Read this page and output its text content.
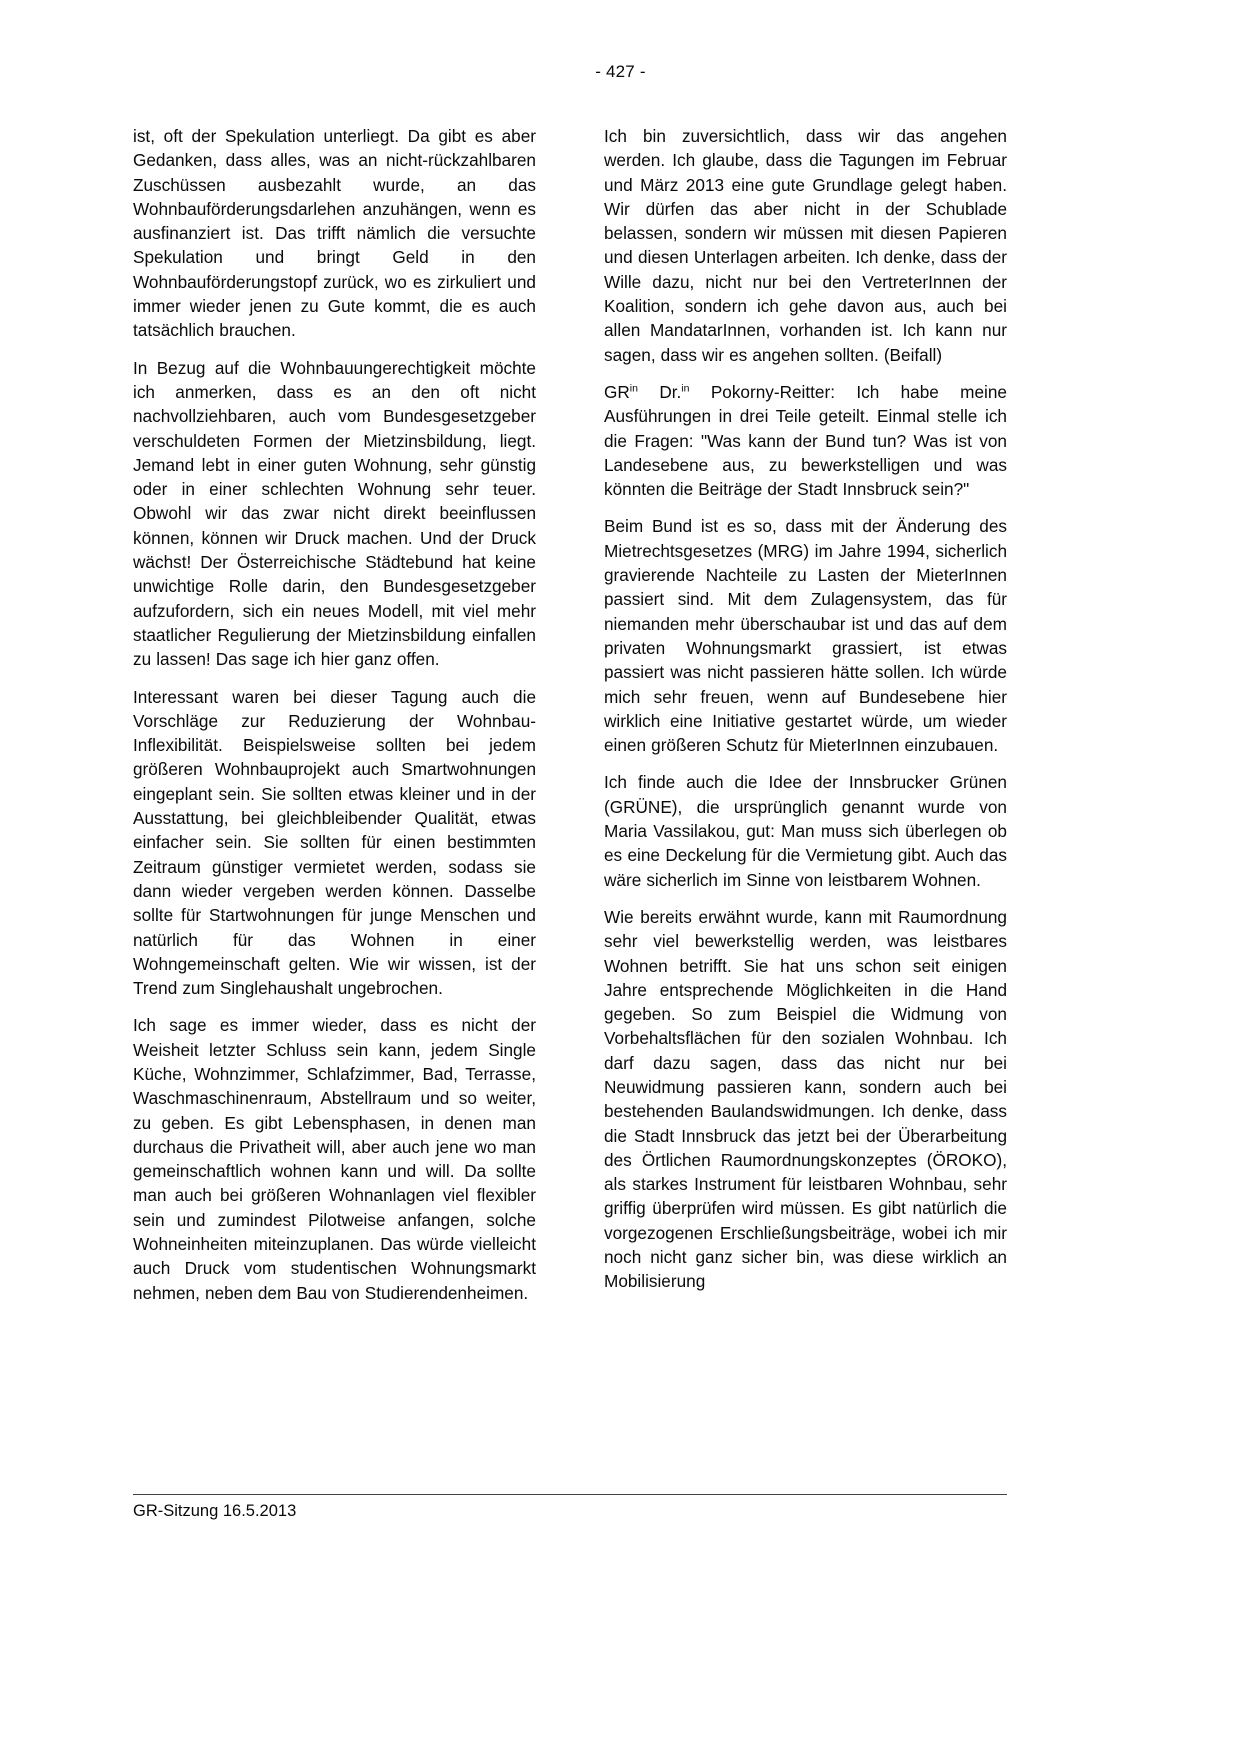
- 427 -

ist, oft der Spekulation unterliegt. Da gibt es aber Gedanken, dass alles, was an nicht-rückzahlbaren Zuschüssen ausbezahlt wurde, an das Wohnbauförderungsdarlehen anzuhängen, wenn es ausfinanziert ist. Das trifft nämlich die versuchte Spekulation und bringt Geld in den Wohnbauförderungstopf zurück, wo es zirkuliert und immer wieder jenen zu Gute kommt, die es auch tatsächlich brauchen.

In Bezug auf die Wohnbauungerechtigkeit möchte ich anmerken, dass es an den oft nicht nachvollziehbaren, auch vom Bundesgesetzgeber verschuldeten Formen der Mietzinsbildung, liegt. Jemand lebt in einer guten Wohnung, sehr günstig oder in einer schlechten Wohnung sehr teuer. Obwohl wir das zwar nicht direkt beeinflussen können, können wir Druck machen. Und der Druck wächst! Der Österreichische Städtebund hat keine unwichtige Rolle darin, den Bundesgesetzgeber aufzufordern, sich ein neues Modell, mit viel mehr staatlicher Regulierung der Mietzinsbildung einfallen zu lassen! Das sage ich hier ganz offen.

Interessant waren bei dieser Tagung auch die Vorschläge zur Reduzierung der Wohnbau-Inflexibilität. Beispielsweise sollten bei jedem größeren Wohnbauprojekt auch Smartwohnungen eingeplant sein. Sie sollten etwas kleiner und in der Ausstattung, bei gleichbleibender Qualität, etwas einfacher sein. Sie sollten für einen bestimmten Zeitraum günstiger vermietet werden, sodass sie dann wieder vergeben werden können. Dasselbe sollte für Startwohnungen für junge Menschen und natürlich für das Wohnen in einer Wohngemeinschaft gelten. Wie wir wissen, ist der Trend zum Singlehaushalt ungebrochen.

Ich sage es immer wieder, dass es nicht der Weisheit letzter Schluss sein kann, jedem Single Küche, Wohnzimmer, Schlafzimmer, Bad, Terrasse, Waschmaschinenraum, Abstellraum und so weiter, zu geben. Es gibt Lebensphasen, in denen man durchaus die Privatheit will, aber auch jene wo man gemeinschaftlich wohnen kann und will. Da sollte man auch bei größeren Wohnanlagen viel flexibler sein und zumindest Pilotweise anfangen, solche Wohneinheiten miteinzuplanen. Das würde vielleicht auch Druck vom studentischen Wohnungsmarkt nehmen, neben dem Bau von Studierendenheimen.

Ich bin zuversichtlich, dass wir das angehen werden. Ich glaube, dass die Tagungen im Februar und März 2013 eine gute Grundlage gelegt haben. Wir dürfen das aber nicht in der Schublade belassen, sondern wir müssen mit diesen Papieren und diesen Unterlagen arbeiten. Ich denke, dass der Wille dazu, nicht nur bei den VertreterInnen der Koalition, sondern ich gehe davon aus, auch bei allen MandatarInnen, vorhanden ist. Ich kann nur sagen, dass wir es angehen sollten. (Beifall)

$GR^{in}$ Dr.$^{in}$ Pokorny-Reitter: Ich habe meine Ausführungen in drei Teile geteilt. Einmal stelle ich die Fragen: "Was kann der Bund tun? Was ist von Landesebene aus, zu bewerkstelligen und was könnten die Beiträge der Stadt Innsbruck sein?"

Beim Bund ist es so, dass mit der Änderung des Mietrechtsgesetzes (MRG) im Jahre 1994, sicherlich gravierende Nachteile zu Lasten der MieterInnen passiert sind. Mit dem Zulagensystem, das für niemanden mehr überschaubar ist und das auf dem privaten Wohnungsmarkt grassiert, ist etwas passiert was nicht passieren hätte sollen. Ich würde mich sehr freuen, wenn auf Bundesebene hier wirklich eine Initiative gestartet würde, um wieder einen größeren Schutz für MieterInnen einzubauen.

Ich finde auch die Idee der Innsbrucker Grünen (GRÜNE), die ursprünglich genannt wurde von Maria Vassilakou, gut: Man muss sich überlegen ob es eine Deckelung für die Vermietung gibt. Auch das wäre sicherlich im Sinne von leistbarem Wohnen.

Wie bereits erwähnt wurde, kann mit Raumordnung sehr viel bewerkstellig werden, was leistbares Wohnen betrifft. Sie hat uns schon seit einigen Jahre entsprechende Möglichkeiten in die Hand gegeben. So zum Beispiel die Widmung von Vorbehaltsflächen für den sozialen Wohnbau. Ich darf dazu sagen, dass das nicht nur bei Neuwidmung passieren kann, sondern auch bei bestehenden Baulandswidmungen. Ich denke, dass die Stadt Innsbruck das jetzt bei der Überarbeitung des Örtlichen Raumordnungskonzeptes (ÖROKO), als starkes Instrument für leistbaren Wohnbau, sehr griffig überprüfen wird müssen. Es gibt natürlich die vorgezogenen Erschließungsbeiträge, wobei ich mir noch nicht ganz sicher bin, was diese wirklich an Mobilisierung

GR-Sitzung 16.5.2013
